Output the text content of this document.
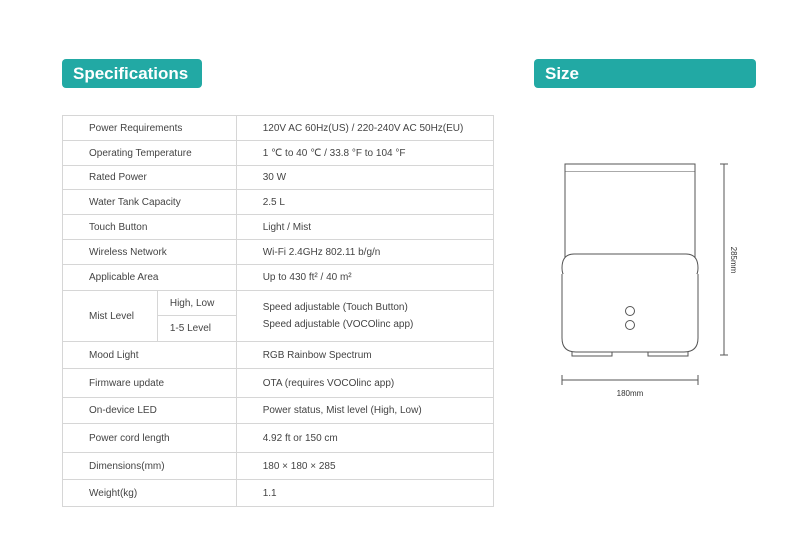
Specifications	Size
Power Requirements		120V AC 60Hz(US) / 220-240V AC 50Hz(EU)
Operating Temperature		1 ℃ to 40 ℃ / 33.8 °F to 104 °F
Rated Power		30 W
Water Tank Capacity		2.5 L
Touch Button		Light / Mist
Wireless Network		Wi-Fi 2.4GHz 802.11 b/g/n
Applicable Area		Up to 430 ft² / 40 m²
Mist Level	High, Low	Speed adjustable (Touch Button)
	1-5 Level	Speed adjustable (VOCOlinc app)
Mood Light		RGB Rainbow Spectrum
Firmware update		OTA (requires VOCOlinc app)
On-device LED		Power status, Mist level (High, Low)
Power cord length		4.92 ft or 150 cm
Dimensions(mm)		180 × 180 × 285
Weight(kg)		1.1
285mm
180mm
